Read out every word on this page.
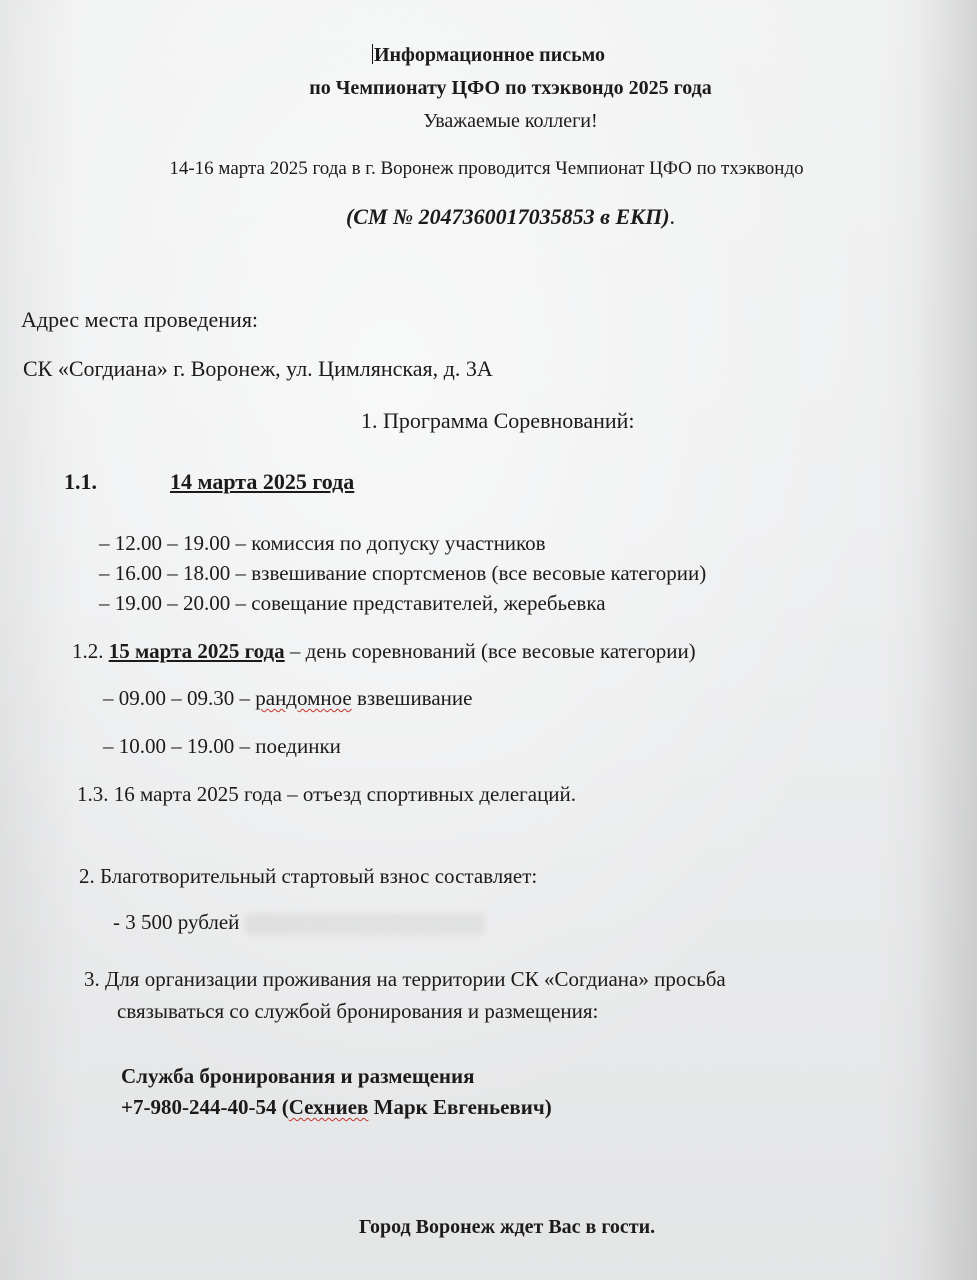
Информационное письмо
по Чемпионату ЦФО по тхэквондо 2025 года
Уважаемые коллеги!
14-16 марта 2025 года в г. Воронеж проводится Чемпионат ЦФО по тхэквондо
(СМ № 2047360017035853 в ЕКП).
Адрес места проведения:
СК «Согдиана» г. Воронеж, ул. Цимлянская, д. 3А
1. Программа Соревнований:
1.1.	14 марта 2025 года
– 12.00 – 19.00 – комиссия по допуску участников
– 16.00 – 18.00 – взвешивание спортсменов (все весовые категории)
– 19.00 – 20.00 – совещание представителей, жеребьевка
1.2. 15 марта 2025 года – день соревнований (все весовые категории)
– 09.00 – 09.30 – рандомное взвешивание
– 10.00 – 19.00 – поединки
1.3. 16 марта 2025 года – отъезд спортивных делегаций.
2. Благотворительный стартовый взнос составляет:
- 3 500 рублей
3. Для организации проживания на территории СК «Согдиана» просьба
связываться со службой бронирования и размещения:
Служба бронирования и размещения
+7-980-244-40-54 (Сехниев Марк Евгеньевич)
Город Воронеж ждет Вас в гости.
